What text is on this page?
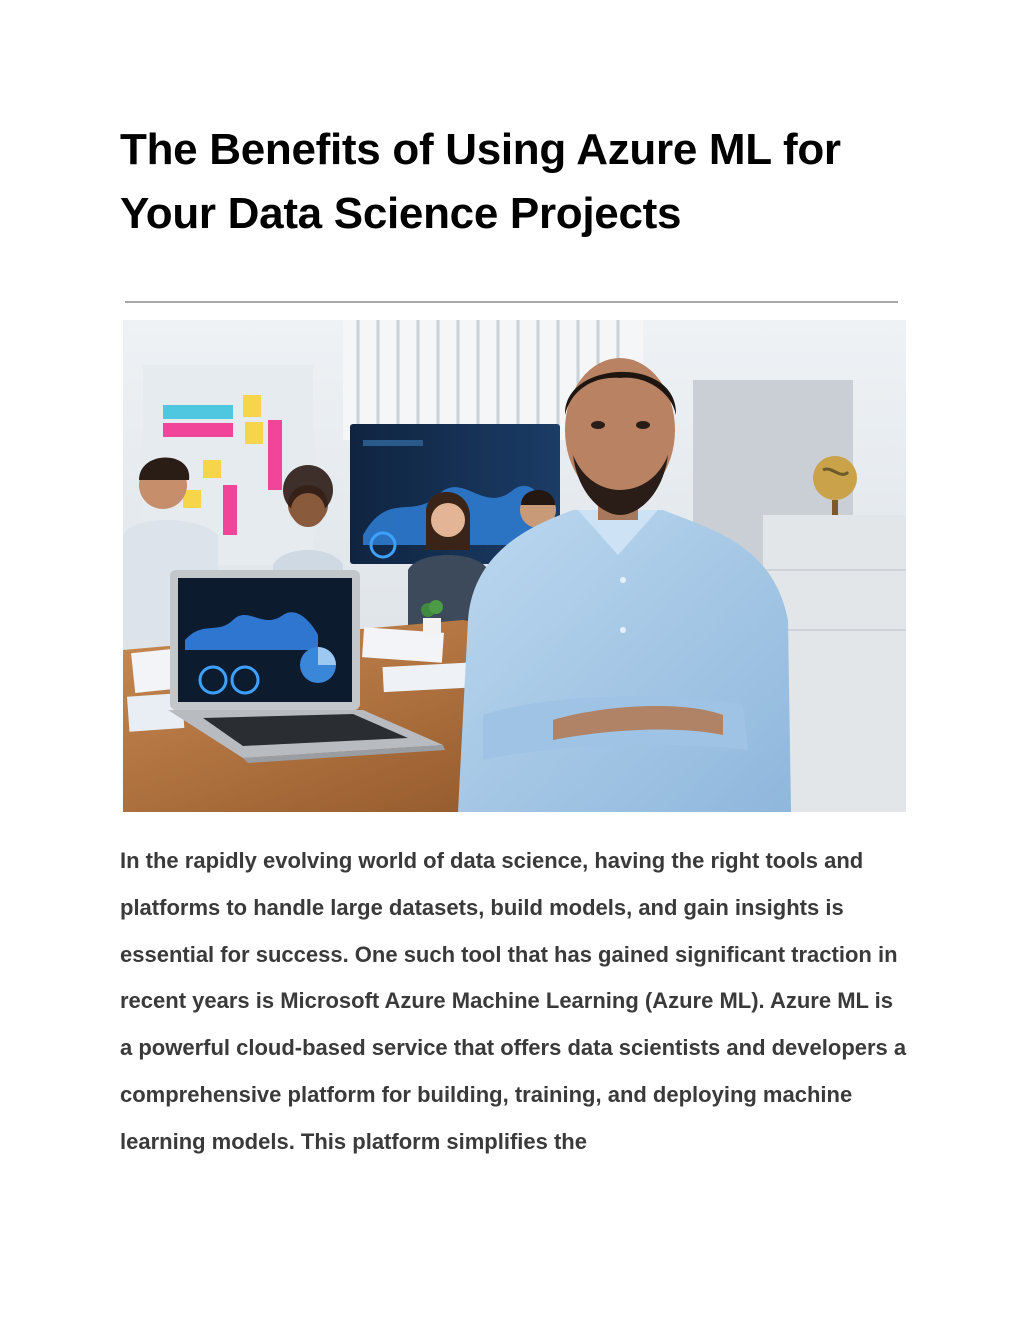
The Benefits of Using Azure ML for Your Data Science Projects

In the rapidly evolving world of data science, having the right tools and platforms to handle large datasets, build models, and gain insights is essential for success. One such tool that has gained significant traction in recent years is Microsoft Azure Machine Learning (Azure ML). Azure ML is a powerful cloud-based service that offers data scientists and developers a comprehensive platform for building, training, and deploying machine learning models. This platform simplifies the
